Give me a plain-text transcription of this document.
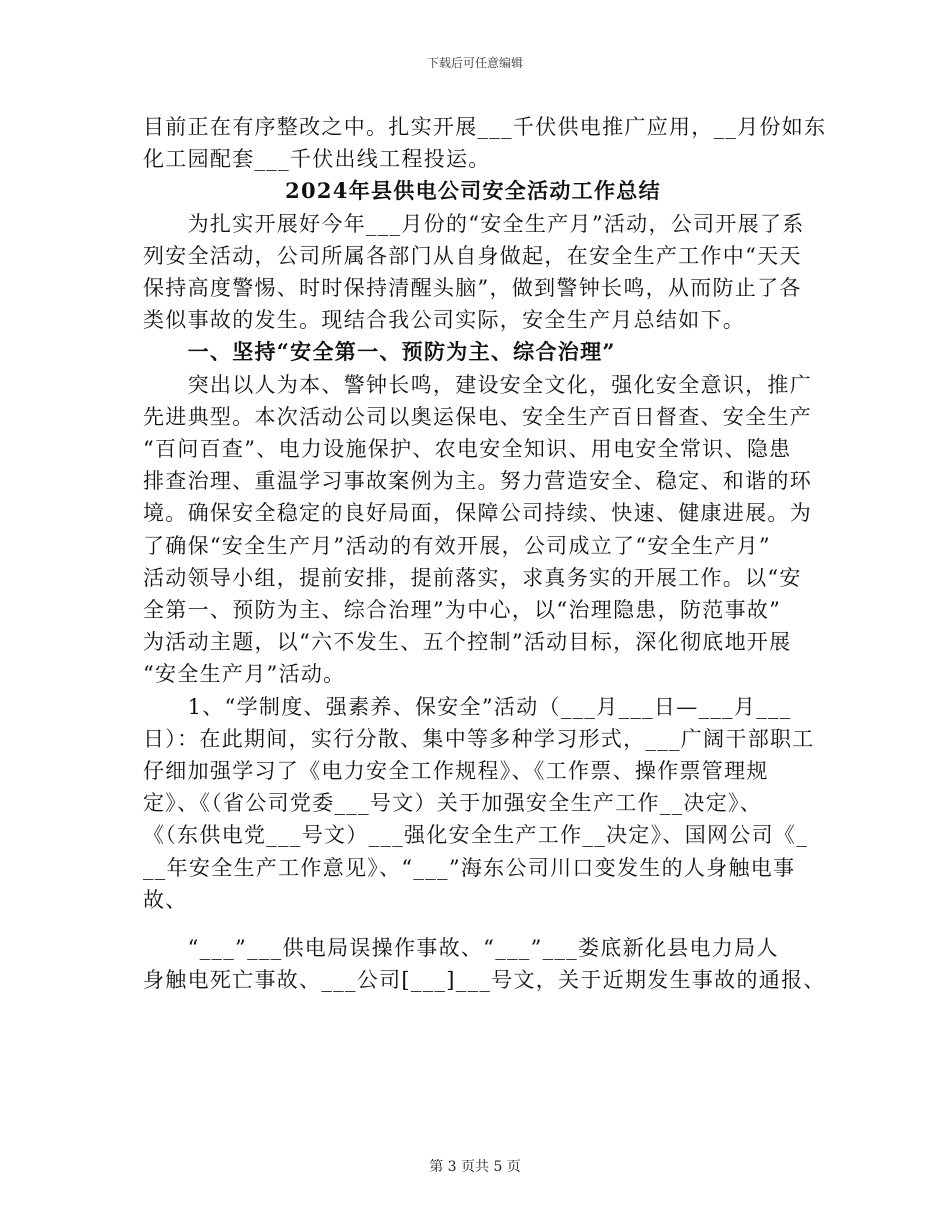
下载后可任意编辑

目前正在有序整改之中。扎实开展___千伏供电推广应用，__月份如东

化工园配套___千伏出线工程投运。

2024年县供电公司安全活动工作总结

　　为扎实开展好今年___月份的“安全生产月”活动，公司开展了系

列安全活动，公司所属各部门从自身做起，在安全生产工作中“天天

保持高度警惕、时时保持清醒头脑”，做到警钟长鸣，从而防止了各

类似事故的发生。现结合我公司实际，安全生产月总结如下。

　　一、坚持“安全第一、预防为主、综合治理”

　　突出以人为本、警钟长鸣，建设安全文化，强化安全意识，推广

先进典型。本次活动公司以奥运保电、安全生产百日督查、安全生产

“百问百查”、电力设施保护、农电安全知识、用电安全常识、隐患

排查治理、重温学习事故案例为主。努力营造安全、稳定、和谐的环

境。确保安全稳定的良好局面，保障公司持续、快速、健康进展。为

了确保“安全生产月”活动的有效开展，公司成立了“安全生产月”

活动领导小组，提前安排，提前落实，求真务实的开展工作。以“安

全第一、预防为主、综合治理”为中心，以“治理隐患，防范事故”

为活动主题，以“六不发生、五个控制”活动目标，深化彻底地开展

“安全生产月”活动。

　　1、“学制度、强素养、保安全”活动（___月___日—___月___

日）：在此期间，实行分散、集中等多种学习形式，___广阔干部职工

仔细加强学习了《电力安全工作规程》、《工作票、操作票管理规

定》、《（省公司党委___号文）关于加强安全生产工作__决定》、

《（东供电党___号文）___强化安全生产工作__决定》、国网公司《_

__年安全生产工作意见》、“___”海东公司川口变发生的人身触电事

故、

　　“___”___供电局误操作事故、“___”___娄底新化县电力局人

身触电死亡事故、___公司[___]___号文，关于近期发生事故的通报、

第 3 页共 5 页
